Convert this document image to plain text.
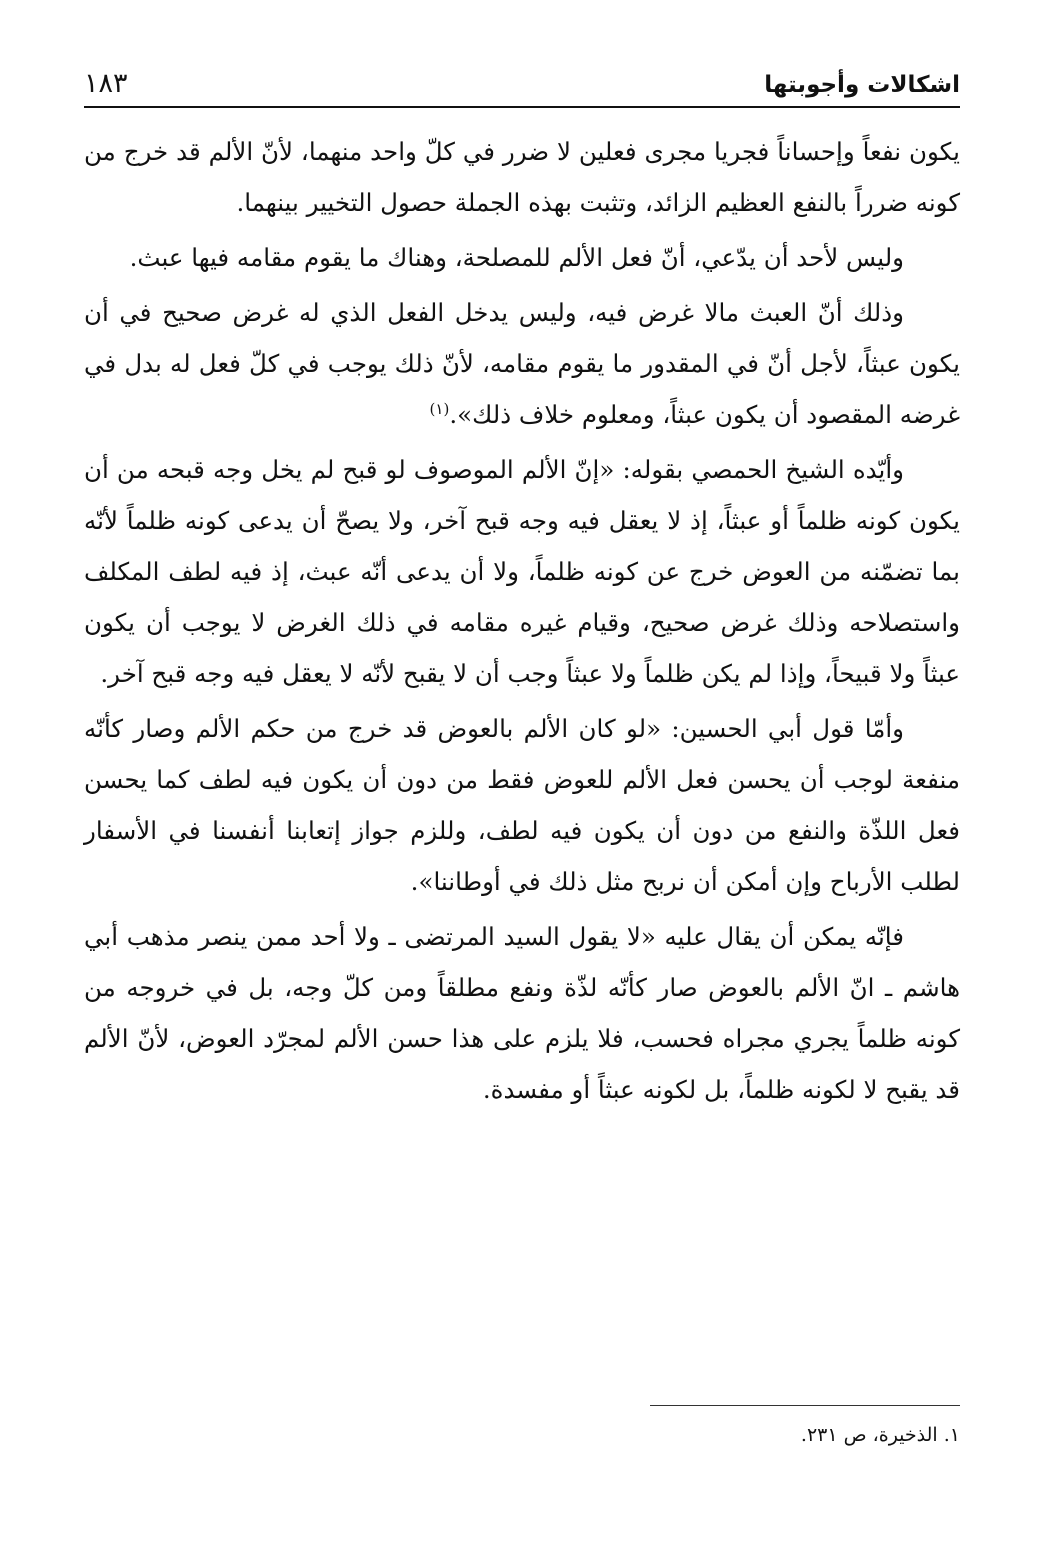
اشكالات وأجوبتها
١٨٣

يكون نفعاً وإحساناً فجريا مجرى فعلين لا ضرر في كلّ واحد منهما، لأنّ الألم قد خرج من كونه ضرراً بالنفع العظيم الزائد، وتثبت بهذه الجملة حصول التخيير بينهما.

وليس لأحد أن يدّعي، أنّ فعل الألم للمصلحة، وهناك ما يقوم مقامه فيها عبث.

وذلك أنّ العبث مالا غرض فيه، وليس يدخل الفعل الذي له غرض صحيح في أن يكون عبثاً، لأجل أنّ في المقدور ما يقوم مقامه، لأنّ ذلك يوجب في كلّ فعل له بدل في غرضه المقصود أن يكون عبثاً، ومعلوم خلاف ذلك».$^{(١)}$

وأيّده الشيخ الحمصي بقوله: «إنّ الألم الموصوف لو قبح لم يخل وجه قبحه من أن يكون كونه ظلماً أو عبثاً، إذ لا يعقل فيه وجه قبح آخر، ولا يصحّ أن يدعى كونه ظلماً لأنّه بما تضمّنه من العوض خرج عن كونه ظلماً، ولا أن يدعى أنّه عبث، إذ فيه لطف المكلف واستصلاحه وذلك غرض صحيح، وقيام غيره مقامه في ذلك الغرض لا يوجب أن يكون عبثاً ولا قبيحاً، وإذا لم يكن ظلماً ولا عبثاً وجب أن لا يقبح لأنّه لا يعقل فيه وجه قبح آخر.

وأمّا قول أبي الحسين: «لو كان الألم بالعوض قد خرج من حكم الألم وصار كأنّه منفعة لوجب أن يحسن فعل الألم للعوض فقط من دون أن يكون فيه لطف كما يحسن فعل اللذّة والنفع من دون أن يكون فيه لطف، وللزم جواز إتعابنا أنفسنا في الأسفار لطلب الأرباح وإن أمكن أن نربح مثل ذلك في أوطاننا».

فإنّه يمكن أن يقال عليه «لا يقول السيد المرتضى ـ ولا أحد ممن ينصر مذهب أبي هاشم ـ انّ الألم بالعوض صار كأنّه لذّة ونفع مطلقاً ومن كلّ وجه، بل في خروجه من كونه ظلماً يجري مجراه فحسب، فلا يلزم على هذا حسن الألم لمجرّد العوض، لأنّ الألم قد يقبح لا لكونه ظلماً، بل لكونه عبثاً أو مفسدة.

١. الذخيرة، ص ٢٣١.
